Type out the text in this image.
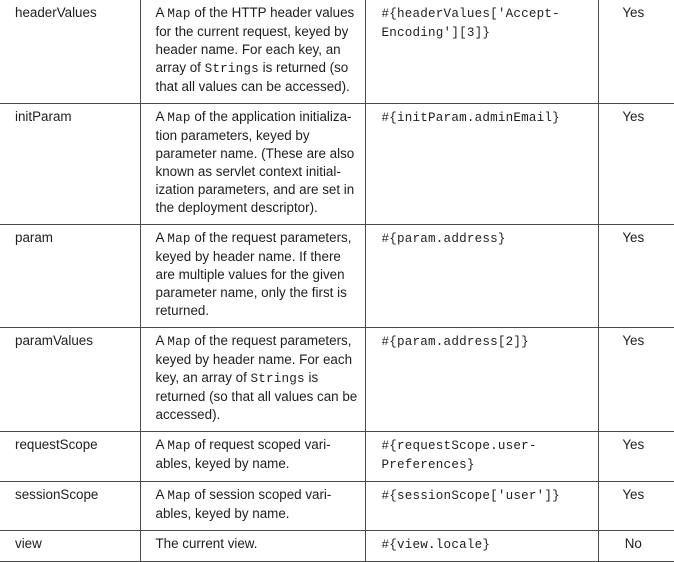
headerValues	A Map of the HTTP header values for the current request, keyed by header name. For each key, an array of Strings is returned (so that all values can be accessed).	#{headerValues['Accept-
Encoding'][3]}	Yes
initParam	A Map of the application initializa-
tion parameters, keyed by parameter name. (These are also known as servlet context initial-
ization parameters, and are set in the deployment descriptor).	#{initParam.adminEmail}	Yes
param	A Map of the request parameters, keyed by header name. If there are multiple values for the given parameter name, only the first is returned.	#{param.address}	Yes
paramValues	A Map of the request parameters, keyed by header name. For each key, an array of Strings is returned (so that all values can be accessed).	#{param.address[2]}	Yes
requestScope	A Map of request scoped vari-
ables, keyed by name.	#{requestScope.user-
Preferences}	Yes
sessionScope	A Map of session scoped vari-
ables, keyed by name.	#{sessionScope['user']}	Yes
view	The current view.	#{view.locale}	No
